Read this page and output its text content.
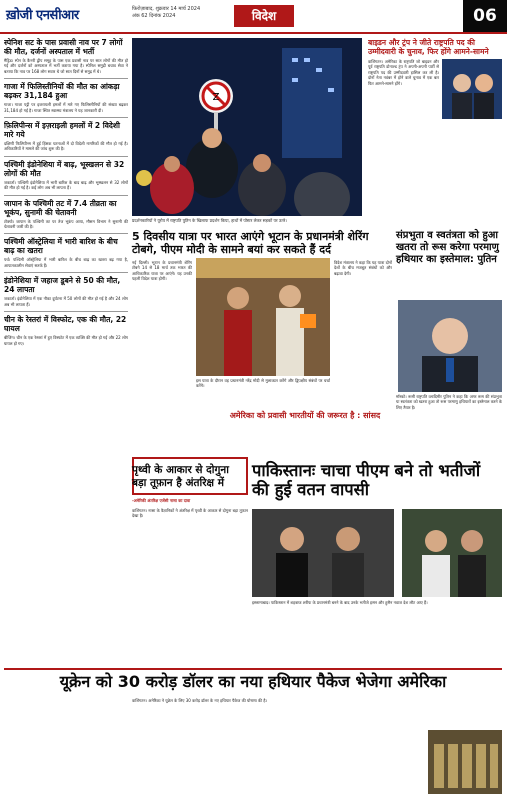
ख़ोजी एनसीआर	फ़िरोज़ाबाद, शुक्रवार 14 मार्च 2024
अंक 62 दिनांक 2024	विदेश	06
स्पेनिश सट के पास प्रवासी नाव पर 7 लोगों की मौत, दर्जनों अस्पताल में भर्ती
मैड्रिड। स्पेन के कैनरी द्वीप समूह के पास एक प्रवासी नाव पर सात लोगों की मौत हो गई और दर्जनों को अस्पताल में भर्ती कराया गया है। स्पेनिश समुद्री बचाव सेवा ने बताया कि नाव पर 168 लोग सवार थे जो सात दिनों से समुद्र में थे।
गाजा में फिलिस्तीनियों की मौत का आंकड़ा बढ़कर 31,184 हुआ
गाजा। गाजा पट्टी पर इजरायली हमलों में मारे गए फिलिस्तीनियों की संख्या बढ़कर 31,184 हो गई है। गाजा स्थित स्वास्थ्य मंत्रालय ने यह जानकारी दी।
फ़िलिपीन्स में इज़राइली हमलों में 2 विदेशी मारे गये
दक्षिणी फिलिपीन्स में हुई हिंसक घटनाओं में दो विदेशी नागरिकों की मौत हो गई है। अधिकारियों ने मामले की जांच शुरू की है।
पश्चिमी इंडोनेशिया में बाढ़, भूस्खलन से 32 लोगों की मौत
जकार्ता। पश्चिमी इंडोनेशिया में भारी बारिश के बाद बाढ़ और भूस्खलन से 32 लोगों की मौत हो गई है। कई लोग अब भी लापता हैं।
जापान के पश्चिमी तट में 7.4 तीव्रता का भूकंप, सुनामी की चेतावनी
टोक्यो। जापान के पश्चिमी तट पर तेज भूकंप आया, मौसम विभाग ने सुनामी की चेतावनी जारी की है।
पश्चिमी ऑस्ट्रेलिया में भारी बारिश के बीच बाढ़ का खतरा
पर्थ। पश्चिमी ऑस्ट्रेलिया में भारी बारिश के बीच बाढ़ का खतरा बढ़ गया है, आपातकालीन सेवाएं सतर्क हैं।
इंडोनेशिया में जहाज डूबने से 50 की मौत, 24 लापता
जकार्ता। इंडोनेशिया में एक नौका दुर्घटना में 50 लोगों की मौत हो गई है और 24 लोग अब भी लापता हैं।
चीन के रेस्तरां में विस्फोट, एक की मौत, 22 घायल
बीजिंग। चीन के एक रेस्तरां में हुए विस्फोट में एक व्यक्ति की मौत हो गई और 22 लोग घायल हो गए।
Z
प्रदर्शनकारियों ने यूरोप में राष्ट्रपति पुतिन के खिलाफ प्रदर्शन किया, हाथों में पोस्टर लेकर सड़कों पर उतरे।
बाइडन और ट्रंप ने जीते राष्ट्रपति पद की उम्मीदवारी के चुनाव, फिर होंगे आमने-सामने
वाशिंगटन। अमेरिका के राष्ट्रपति जो बाइडन और पूर्व राष्ट्रपति डोनाल्ड ट्रंप ने अपनी-अपनी पार्टी से राष्ट्रपति पद की उम्मीदवारी हासिल कर ली है। दोनों नेता नवंबर में होने वाले चुनाव में एक बार फिर आमने-सामने होंगे।
5 दिवसीय यात्रा पर भारत आएंगे भूटान के प्रधानमंत्री शेरिंग टोबगे, पीएम मोदी के सामने बयां कर सकते हैं दर्द
नई दिल्ली। भूटान के प्रधानमंत्री शेरिंग टोबगे 14 से 18 मार्च तक भारत की आधिकारिक यात्रा पर आएंगे। यह उनकी पहली विदेश यात्रा होगी।
इस यात्रा के दौरान वह प्रधानमंत्री नरेंद्र मोदी से मुलाकात करेंगे और द्विपक्षीय संबंधों पर चर्चा करेंगे।
विदेश मंत्रालय ने कहा कि यह यात्रा दोनों देशों के बीच मजबूत संबंधों को और बढ़ावा देगी।
संप्रभुता व स्वतंत्रता को हुआ खतरा तो रूस करेगा परमाणु हथियार का इस्तेमाल: पुतिन
मॉस्को। रूसी राष्ट्रपति व्लादिमीर पुतिन ने कहा कि अगर रूस की संप्रभुता या स्वतंत्रता को खतरा हुआ तो रूस परमाणु हथियारों का इस्तेमाल करने के लिए तैयार है।
अमेरिका को प्रवासी भारतीयों की जरूरत है : सांसद
पृथ्वी के आकार से दोगुना बड़ा तूफ़ान है अंतरिक्ष में
-अमेरिकी अंतरिक्ष एजेंसी नासा का दावा
वाशिंगटन। नासा के वैज्ञानिकों ने अंतरिक्ष में पृथ्वी के आकार से दोगुना बड़ा तूफ़ान देखा है।
पाकिस्तानः चाचा पीएम बने तो भतीजों की हुई वतन वापसी
इस्लामाबाद। पाकिस्तान में शहबाज शरीफ के प्रधानमंत्री बनने के बाद उनके भतीजे हसन और हुसैन नवाज देश लौट आए हैं।
यूक्रेन को 30 करोड़ डॉलर का नया हथियार पैकेज भेजेगा अमेरिका
वाशिंगटन। अमेरिका ने यूक्रेन के लिए 30 करोड़ डॉलर के नए हथियार पैकेज की घोषणा की है।
